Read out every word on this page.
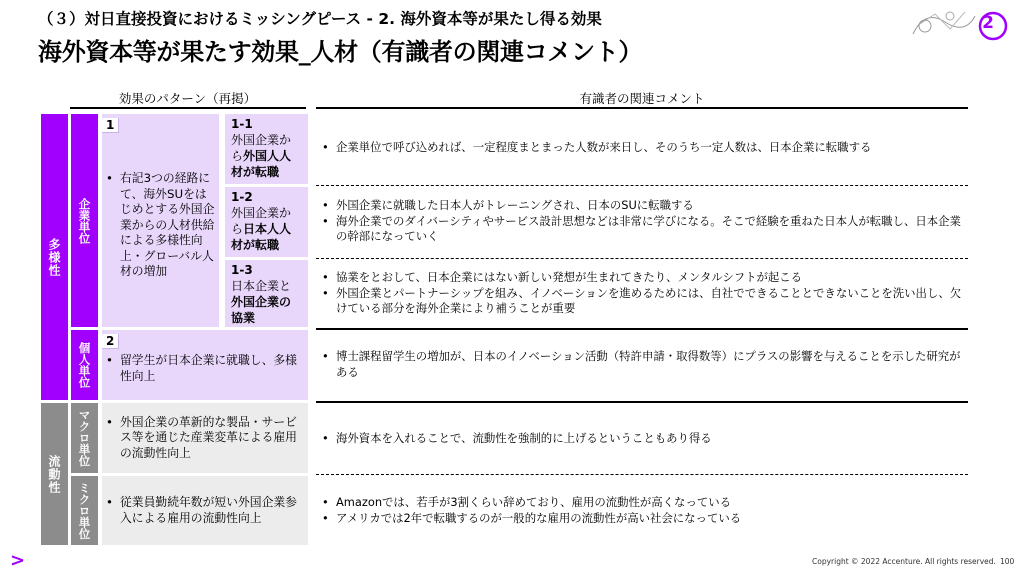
（３）対日直接投資におけるミッシングピース - 2. 海外資本等が果たし得る効果
海外資本等が果たす効果_人材（有識者の関連コメント）
2
効果のパターン（再掲）	有識者の関連コメント
多様性
流動性
企業単位
個人単位
マクロ単位
ミクロ単位
1
• 右記3つの経路にて、海外SUをはじめとする外国企業からの人材供給による多様性向上・グローバル人材の増加
1-1
外国企業から外国人人材が転職
1-2
外国企業から日本人人材が転職
1-3
日本企業と外国企業の協業
2
• 留学生が日本企業に就職し、多様性向上
• 外国企業の革新的な製品・サービス等を通じた産業変革による雇用の流動性向上
• 従業員勤続年数が短い外国企業参入による雇用の流動性向上
• 企業単位で呼び込めれば、一定程度まとまった人数が来日し、そのうち一定人数は、日本企業に転職する
• 外国企業に就職した日本人がトレーニングされ、日本のSUに転職する
• 海外企業でのダイバーシティやサービス設計思想などは非常に学びになる。そこで経験を重ねた日本人が転職し、日本企業の幹部になっていく
• 協業をとおして、日本企業にはない新しい発想が生まれてきたり、メンタルシフトが起こる
• 外国企業とパートナーシップを組み、イノベーションを進めるためには、自社でできることとできないことを洗い出し、欠けている部分を海外企業により補うことが重要
• 博士課程留学生の増加が、日本のイノベーション活動（特許申請・取得数等）にプラスの影響を与えることを示した研究がある
• 海外資本を入れることで、流動性を強制的に上げるということもあり得る
• Amazonでは、若手が3割くらい辞めており、雇用の流動性が高くなっている
• アメリカでは2年で転職するのが一般的な雇用の流動性が高い社会になっている
>	Copyright © 2022 Accenture. All rights reserved. 100
